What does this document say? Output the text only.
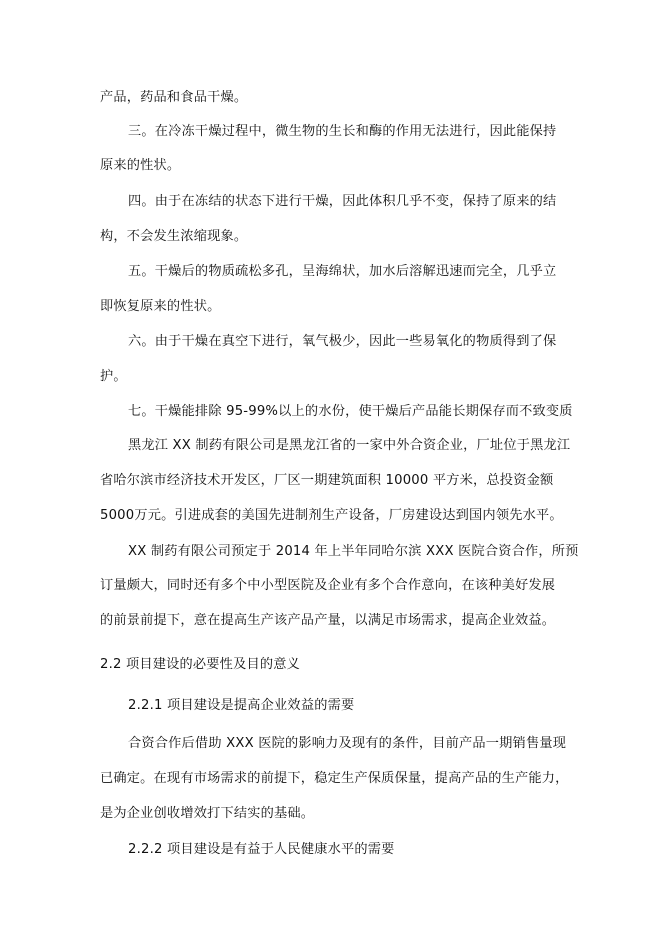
产品，药品和食品干燥。
三。在冷冻干燥过程中，微生物的生长和酶的作用无法进行，因此能保持
原来的性状。
四。由于在冻结的状态下进行干燥，因此体积几乎不变，保持了原来的结
构，不会发生浓缩现象。
五。干燥后的物质疏松多孔，呈海绵状，加水后溶解迅速而完全，几乎立
即恢复原来的性状。
六。由于干燥在真空下进行，氧气极少，因此一些易氧化的物质得到了保
护。
七。干燥能排除 95-99%以上的水份，使干燥后产品能长期保存而不致变质
黑龙江 XX 制药有限公司是黑龙江省的一家中外合资企业，厂址位于黑龙江
省哈尔滨市经济技术开发区，厂区一期建筑面积 10000 平方米，总投资金额
5000万元。引进成套的美国先进制剂生产设备，厂房建设达到国内领先水平。
XX 制药有限公司预定于 2014 年上半年同哈尔滨 XXX 医院合资合作，所预
订量颇大，同时还有多个中小型医院及企业有多个合作意向，在该种美好发展
的前景前提下，意在提高生产该产品产量，以满足市场需求，提高企业效益。
2.2 项目建设的必要性及目的意义
2.2.1 项目建设是提高企业效益的需要
合资合作后借助 XXX 医院的影响力及现有的条件，目前产品一期销售量现
已确定。在现有市场需求的前提下，稳定生产保质保量，提高产品的生产能力，
是为企业创收增效打下结实的基础。
2.2.2 项目建设是有益于人民健康水平的需要
